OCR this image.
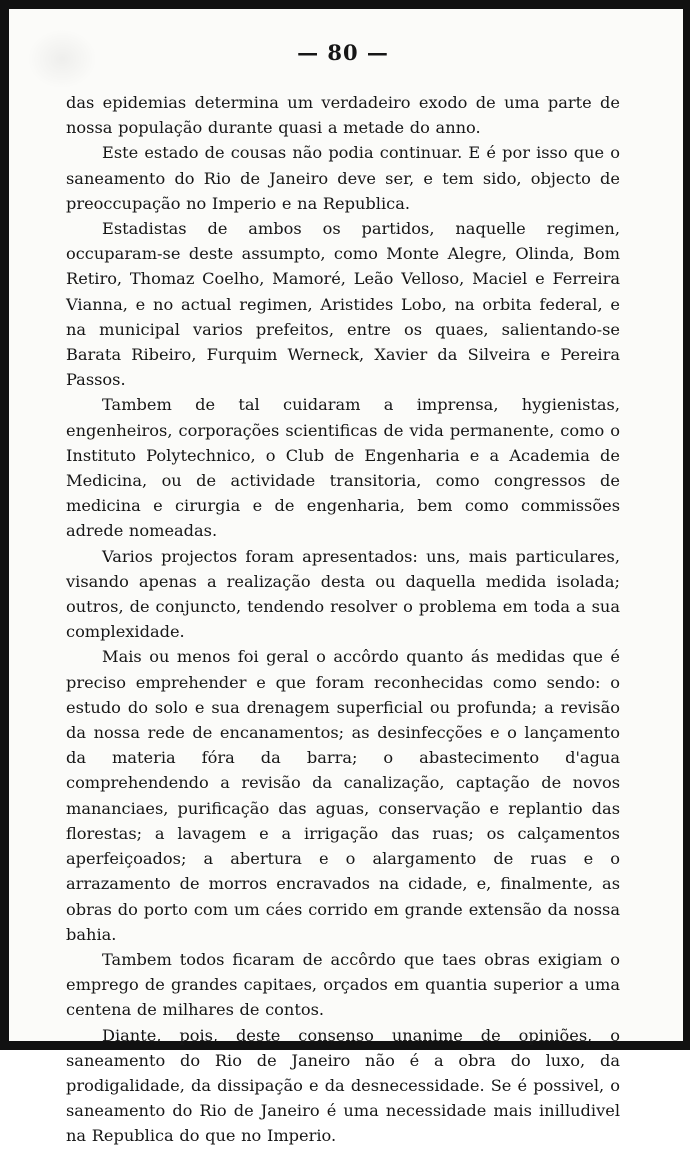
— 80 —

das epidemias determina um verdadeiro exodo de uma parte de nossa população durante quasi a metade do anno.

Este estado de cousas não podia continuar. E é por isso que o saneamento do Rio de Janeiro deve ser, e tem sido, objecto de preoccupação no Imperio e na Republica.

Estadistas de ambos os partidos, naquelle regimen, occuparam-se deste assumpto, como Monte Alegre, Olinda, Bom Retiro, Thomaz Coelho, Mamoré, Leão Velloso, Maciel e Ferreira Vianna, e no actual regimen, Aristides Lobo, na orbita federal, e na municipal varios prefeitos, entre os quaes, salientando-se Barata Ribeiro, Furquim Werneck, Xavier da Silveira e Pereira Passos.

Tambem de tal cuidaram a imprensa, hygienistas, engenheiros, corporações scientificas de vida permanente, como o Instituto Polytechnico, o Club de Engenharia e a Academia de Medicina, ou de actividade transitoria, como congressos de medicina e cirurgia e de engenharia, bem como commissões adrede nomeadas.

Varios projectos foram apresentados: uns, mais particulares, visando apenas a realização desta ou daquella medida isolada; outros, de conjuncto, tendendo resolver o problema em toda a sua complexidade.

Mais ou menos foi geral o accôrdo quanto ás medidas que é preciso emprehender e que foram reconhecidas como sendo: o estudo do solo e sua drenagem superficial ou profunda; a revisão da nossa rede de encanamentos; as desinfecções e o lançamento da materia fóra da barra; o abastecimento d'agua comprehendendo a revisão da canalização, captação de novos mananciaes, purificação das aguas, conservação e replantio das florestas; a lavagem e a irrigação das ruas; os calçamentos aperfeiçoados; a abertura e o alargamento de ruas e o arrazamento de morros encravados na cidade, e, finalmente, as obras do porto com um cáes corrido em grande extensão da nossa bahia.

Tambem todos ficaram de accôrdo que taes obras exigiam o emprego de grandes capitaes, orçados em quantia superior a uma centena de milhares de contos.

Diante, pois, deste consenso unanime de opiniões, o saneamento do Rio de Janeiro não é a obra do luxo, da prodigalidade, da dissipação e da desnecessidade. Se é possivel, o saneamento do Rio de Janeiro é uma necessidade mais inilludivel na Republica do que no Imperio.
